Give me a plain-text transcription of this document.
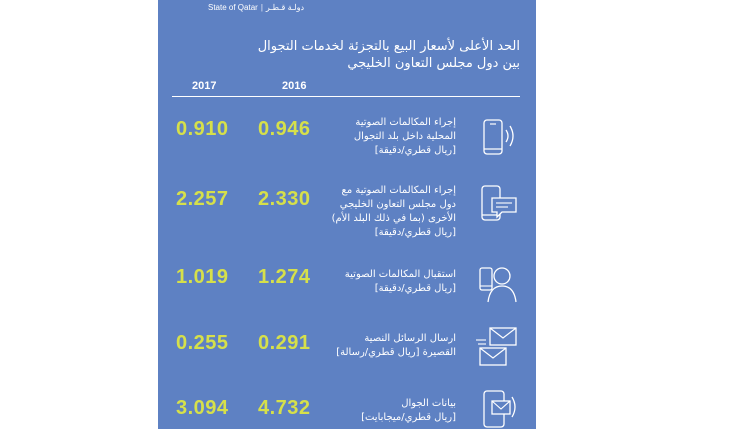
State of Qatar | دولـة قـطـر
الحد الأعلى لأسعار البيع بالتجزئة لخدمات التجوال
بين دول مجلس التعاون الخليجي
2017	2016
0.910 0.946	إجراء المكالمات الصوتية
المحلية داخل بلد التجوال
[ريال قطري/دقيقة]
2.257 2.330	إجراء المكالمات الصوتية مع
دول مجلس التعاون الخليجي
الأخرى (بما في ذلك البلد الأم)
[ريال قطري/دقيقة]
1.019 1.274	استقبال المكالمات الصوتية
[ريال قطري/دقيقة]
0.255 0.291	ارسال الرسائل النصية
القصيرة [ريال قطري/رسالة]
3.094 4.732	بيانات الجوال
[ريال قطري/ميجابايت]
